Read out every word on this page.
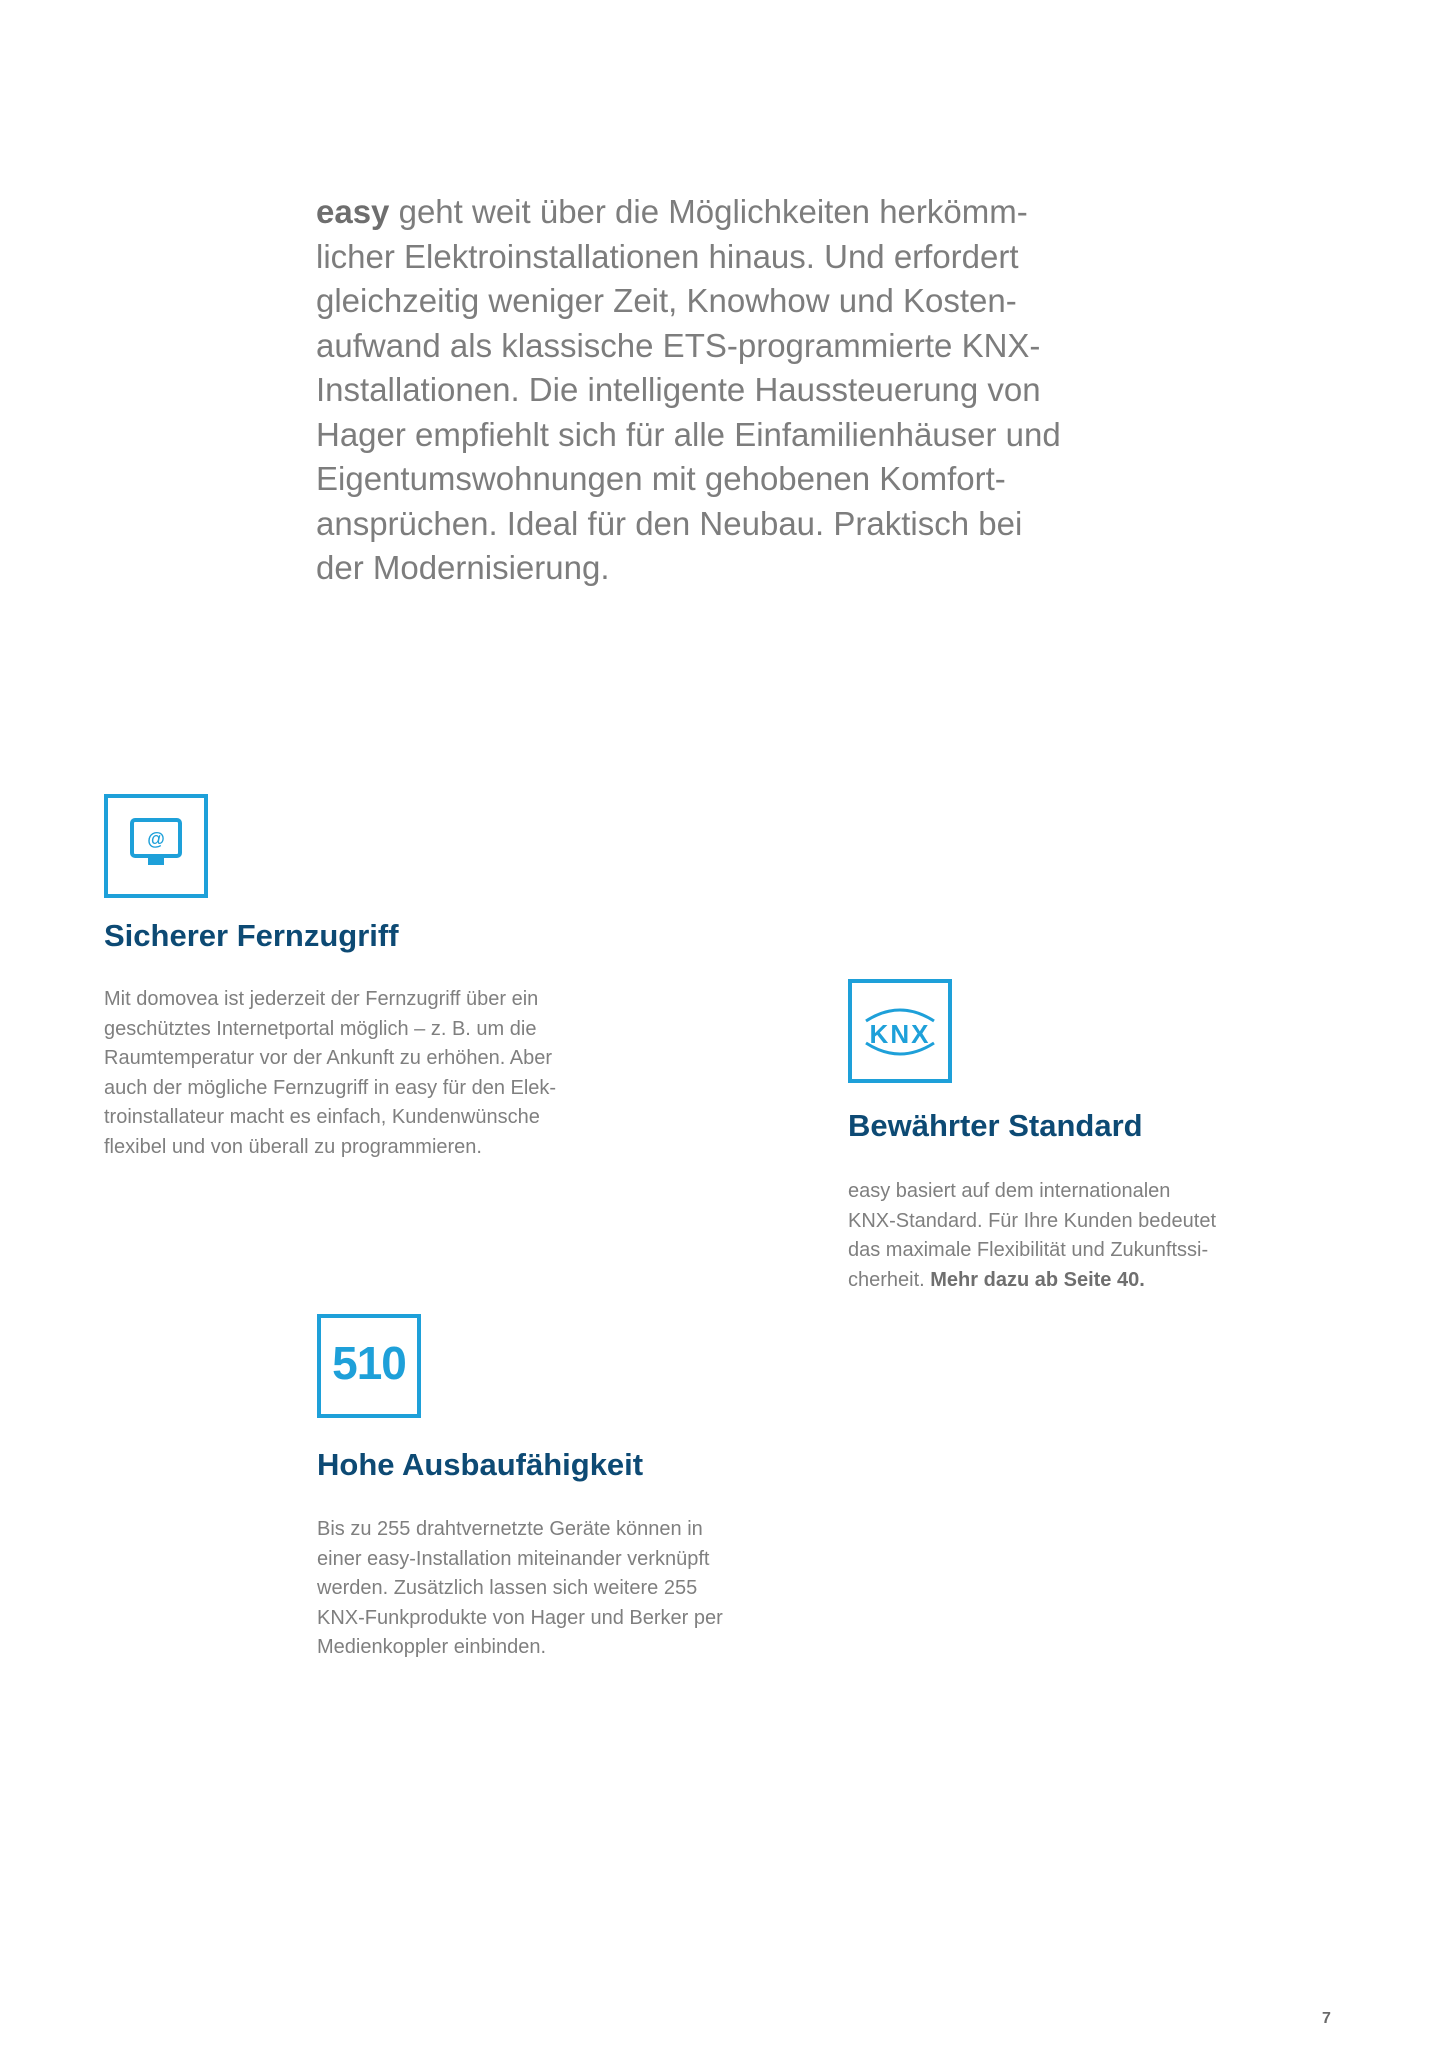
easy geht weit über die Möglichkeiten herkömm-
licher Elektroinstallationen hinaus. Und erfordert
gleichzeitig weniger Zeit, Knowhow und Kosten-
aufwand als klassische ETS-programmierte KNX-
Installationen. Die intelligente Haussteuerung von
Hager empfiehlt sich für alle Einfamilienhäuser und
Eigentumswohnungen mit gehobenen Komfort-
ansprüchen. Ideal für den Neubau. Praktisch bei
der Modernisierung.

@
Sicherer Fernzugriff

Mit domovea ist jederzeit der Fernzugriff über ein
geschütztes Internetportal möglich – z. B. um die
Raumtemperatur vor der Ankunft zu erhöhen. Aber
auch der mögliche Fernzugriff in easy für den Elek-
troinstallateur macht es einfach, Kundenwünsche
flexibel und von überall zu programmieren.

KNX
Bewährter Standard

easy basiert auf dem internationalen
KNX-Standard. Für Ihre Kunden bedeutet
das maximale Flexibilität und Zukunftssi-
cherheit. Mehr dazu ab Seite 40.

510
Hohe Ausbaufähigkeit

Bis zu 255 drahtvernetzte Geräte können in
einer easy-Installation miteinander verknüpft
werden. Zusätzlich lassen sich weitere 255
KNX-Funkprodukte von Hager und Berker per
Medienkoppler einbinden.

7
